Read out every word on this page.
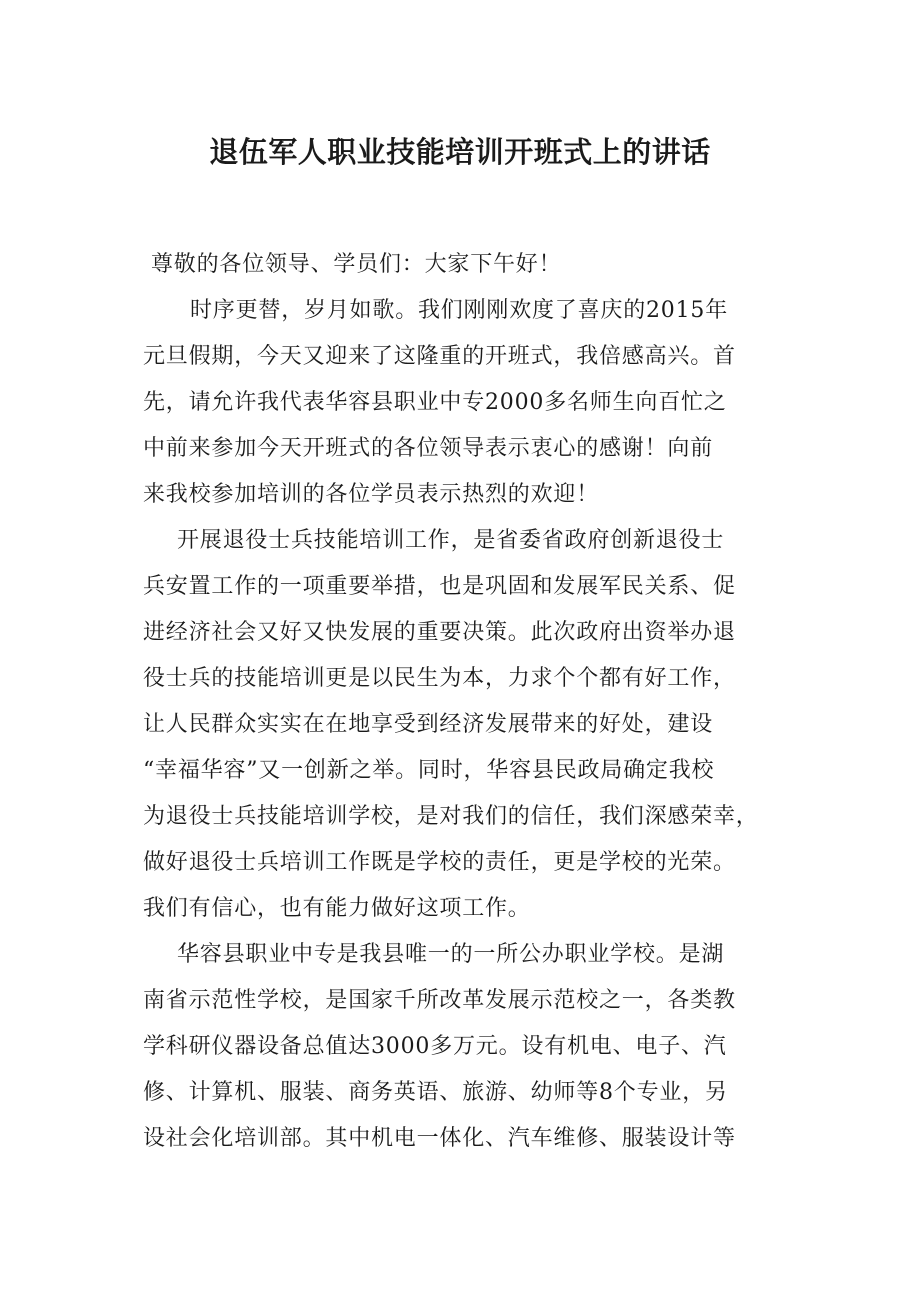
退伍军人职业技能培训开班式上的讲话
尊敬的各位领导、学员们：大家下午好！
时序更替，岁月如歌。我们刚刚欢度了喜庆的2015年
元旦假期，今天又迎来了这隆重的开班式，我倍感高兴。首
先，请允许我代表华容县职业中专2000多名师生向百忙之
中前来参加今天开班式的各位领导表示衷心的感谢！向前
来我校参加培训的各位学员表示热烈的欢迎！
开展退役士兵技能培训工作，是省委省政府创新退役士
兵安置工作的一项重要举措，也是巩固和发展军民关系、促
进经济社会又好又快发展的重要决策。此次政府出资举办退
役士兵的技能培训更是以民生为本，力求个个都有好工作，
让人民群众实实在在地享受到经济发展带来的好处，建设
“幸福华容”又一创新之举。同时，华容县民政局确定我校
为退役士兵技能培训学校，是对我们的信任，我们深感荣幸，
做好退役士兵培训工作既是学校的责任，更是学校的光荣。
我们有信心，也有能力做好这项工作。
华容县职业中专是我县唯一的一所公办职业学校。是湖
南省示范性学校，是国家千所改革发展示范校之一，各类教
学科研仪器设备总值达3000多万元。设有机电、电子、汽
修、计算机、服装、商务英语、旅游、幼师等8个专业，另
设社会化培训部。其中机电一体化、汽车维修、服装设计等
